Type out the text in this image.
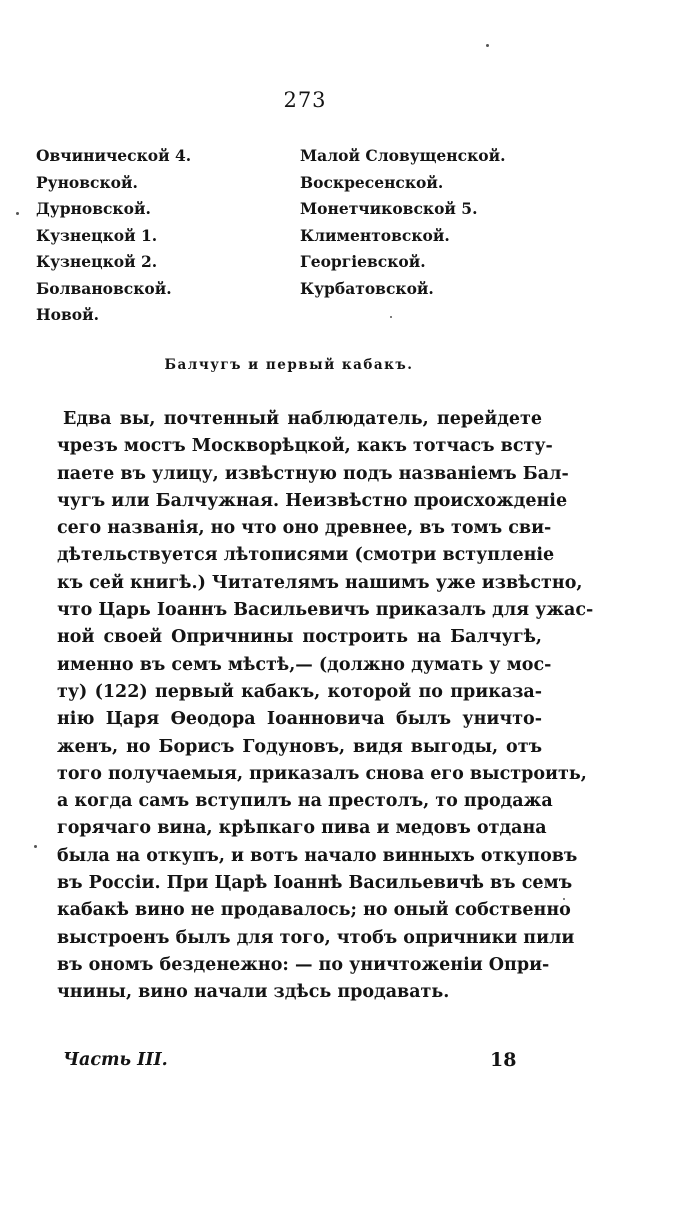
273
Овчинической 4.
Руновской.
Дурновской.
Кузнецкой 1.
Кузнецкой 2.
Болвановской.
Новой.
Малой Словущенской.
Воскресенской.
Монетчиковской 5.
Климентовской.
Георгіевской.
Курбатовской.
Балчугъ и первый кабакъ.
Едва вы, почтенный наблюдатель, перейдете
чрезъ мостъ Москворѣцкой, какъ тотчасъ всту-
паете въ улицу, извѣстную подъ названіемъ Бал-
чугъ или Балчужная. Неизвѣстно происхожденіе
сего названія, но что оно древнее, въ томъ сви-
дѣтельствуется лѣтописями (смотри вступленіе
къ сей книгѣ.) Читателямъ нашимъ уже извѣстно,
что Царь Іоаннъ Васильевичъ приказалъ для ужас-
ной своей Опричнины построить на Балчугѣ,
именно въ семъ мѣстѣ,— (должно думать у мос-
ту) (122) первый кабакъ, которой по приказа-
нію Царя Ѳеодора Іоанновича былъ уничто-
женъ, но Борисъ Годуновъ, видя выгоды, отъ
того получаемыя, приказалъ снова его выстроить,
а когда самъ вступилъ на престолъ, то продажа
горячаго вина, крѣпкаго пива и медовъ отдана
была на откупъ, и вотъ начало винныхъ откуповъ
въ Россіи. При Царѣ Іоаннѣ Васильевичѣ въ семъ
кабакѣ вино не продавалось; но оный собственно
выстроенъ былъ для того, чтобъ опричники пили
въ ономъ безденежно: — по уничтоженіи Опри-
чнины, вино начали здѣсь продавать.
Часть III.	18
